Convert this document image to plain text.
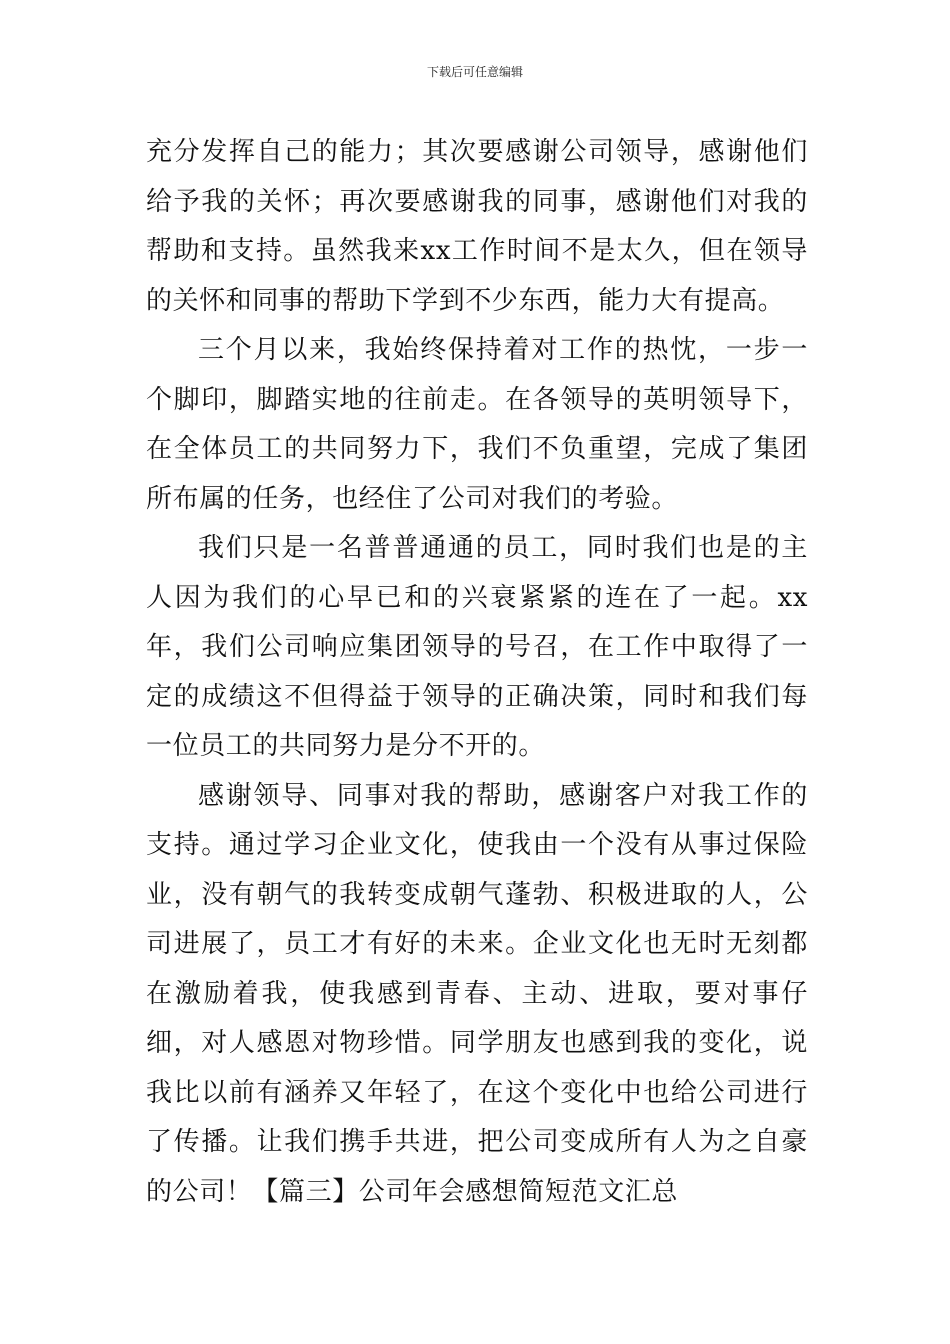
下载后可任意编辑

充分发挥自己的能力；其次要感谢公司领导，感谢他们给予我的关怀；再次要感谢我的同事，感谢他们对我的帮助和支持。虽然我来xx工作时间不是太久，但在领导的关怀和同事的帮助下学到不少东西，能力大有提高。

三个月以来，我始终保持着对工作的热忱，一步一个脚印，脚踏实地的往前走。在各领导的英明领导下，在全体员工的共同努力下，我们不负重望，完成了集团所布属的任务，也经住了公司对我们的考验。

我们只是一名普普通通的员工，同时我们也是的主人因为我们的心早已和的兴衰紧紧的连在了一起。xx年，我们公司响应集团领导的号召，在工作中取得了一定的成绩这不但得益于领导的正确决策，同时和我们每一位员工的共同努力是分不开的。

感谢领导、同事对我的帮助，感谢客户对我工作的支持。通过学习企业文化，使我由一个没有从事过保险业，没有朝气的我转变成朝气蓬勃、积极进取的人，公司进展了，员工才有好的未来。企业文化也无时无刻都在激励着我，使我感到青春、主动、进取，要对事仔细，对人感恩对物珍惜。同学朋友也感到我的变化，说我比以前有涵养又年轻了，在这个变化中也给公司进行了传播。让我们携手共进，把公司变成所有人为之自豪的公司！【篇三】公司年会感想简短范文汇总
